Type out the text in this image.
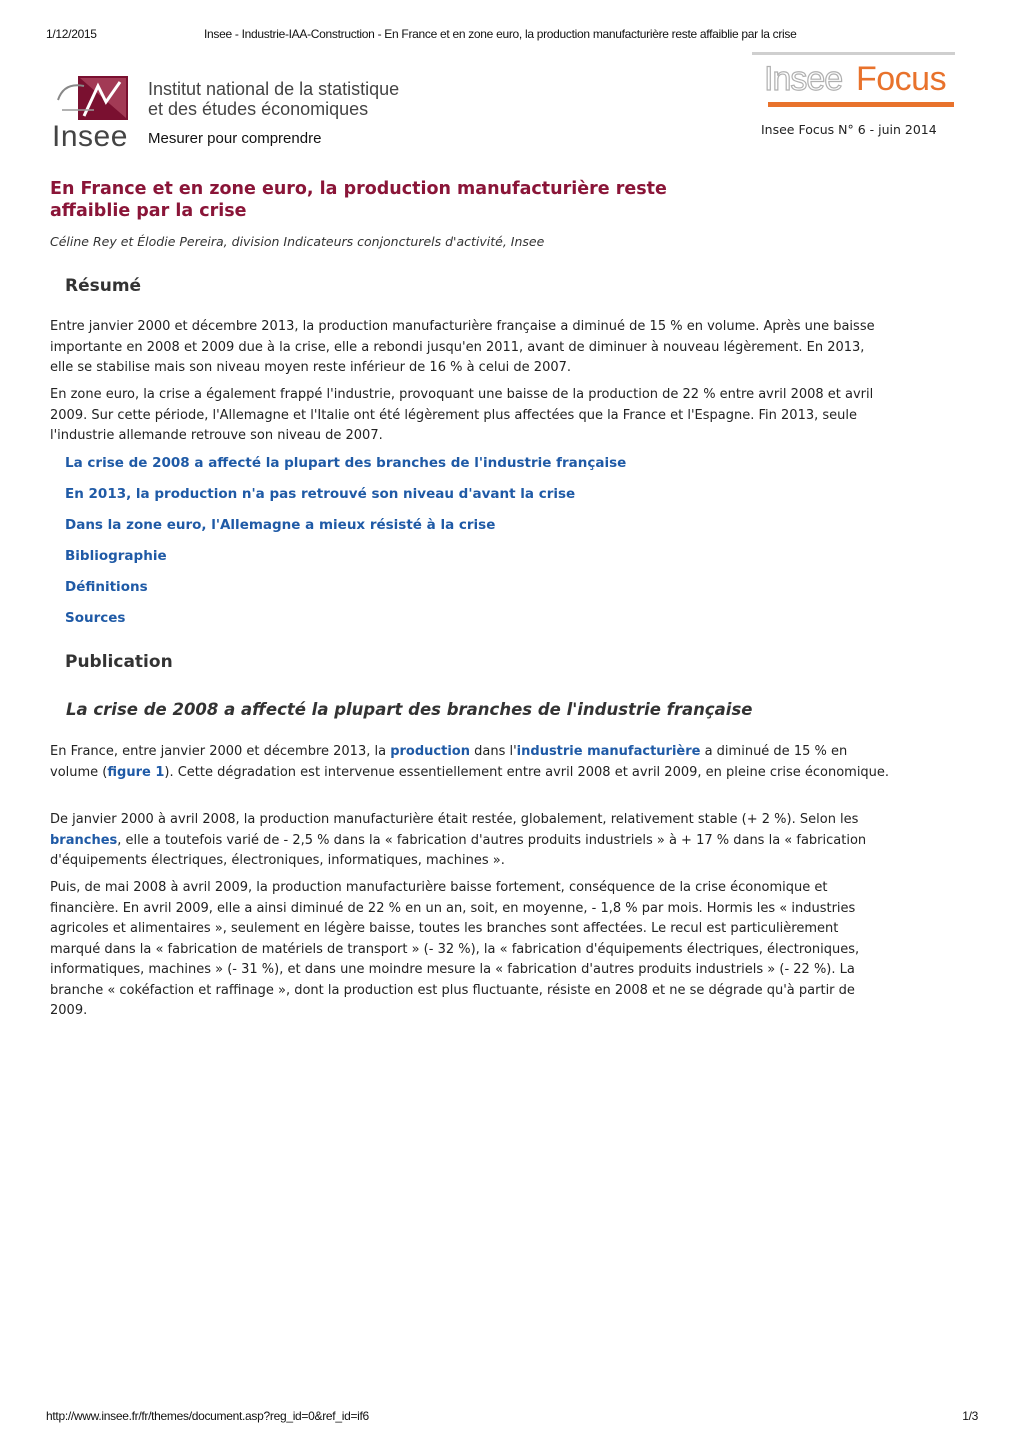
1/12/2015	Insee - Industrie-IAA-Construction - En France et en zone euro, la production manufacturière reste affaiblie par la crise
Insee
Institut national de la statistique
et des études économiques
Mesurer pour comprendre
Insee Focus
Insee Focus N° 6 - juin 2014
En France et en zone euro, la production manufacturière reste affaiblie par la crise
Céline Rey et Élodie Pereira, division Indicateurs conjoncturels d'activité, Insee
Résumé

Entre janvier 2000 et décembre 2013, la production manufacturière française a diminué de 15 % en volume. Après une baisse importante en 2008 et 2009 due à la crise, elle a rebondi jusqu'en 2011, avant de diminuer à nouveau légèrement. En 2013, elle se stabilise mais son niveau moyen reste inférieur de 16 % à celui de 2007.

En zone euro, la crise a également frappé l'industrie, provoquant une baisse de la production de 22 % entre avril 2008 et avril 2009. Sur cette période, l'Allemagne et l'Italie ont été légèrement plus affectées que la France et l'Espagne. Fin 2013, seule l'industrie allemande retrouve son niveau de 2007.

La crise de 2008 a affecté la plupart des branches de l'industrie française
En 2013, la production n'a pas retrouvé son niveau d'avant la crise
Dans la zone euro, l'Allemagne a mieux résisté à la crise
Bibliographie
Définitions
Sources
Publication
La crise de 2008 a affecté la plupart des branches de l'industrie française

En France, entre janvier 2000 et décembre 2013, la production dans l'industrie manufacturière a diminué de 15 % en volume (figure 1). Cette dégradation est intervenue essentiellement entre avril 2008 et avril 2009, en pleine crise économique.

De janvier 2000 à avril 2008, la production manufacturière était restée, globalement, relativement stable (+ 2 %). Selon les branches, elle a toutefois varié de - 2,5 % dans la « fabrication d'autres produits industriels » à + 17 % dans la « fabrication d'équipements électriques, électroniques, informatiques, machines ».

Puis, de mai 2008 à avril 2009, la production manufacturière baisse fortement, conséquence de la crise économique et financière. En avril 2009, elle a ainsi diminué de 22 % en un an, soit, en moyenne, - 1,8 % par mois. Hormis les « industries agricoles et alimentaires », seulement en légère baisse, toutes les branches sont affectées. Le recul est particulièrement marqué dans la « fabrication de matériels de transport » (- 32 %), la « fabrication d'équipements électriques, électroniques, informatiques, machines » (- 31 %), et dans une moindre mesure la « fabrication d'autres produits industriels » (- 22 %). La branche « cokéfaction et raffinage », dont la production est plus fluctuante, résiste en 2008 et ne se dégrade qu'à partir de 2009.

http://www.insee.fr/fr/themes/document.asp?reg_id=0&ref_id=if6	1/3
